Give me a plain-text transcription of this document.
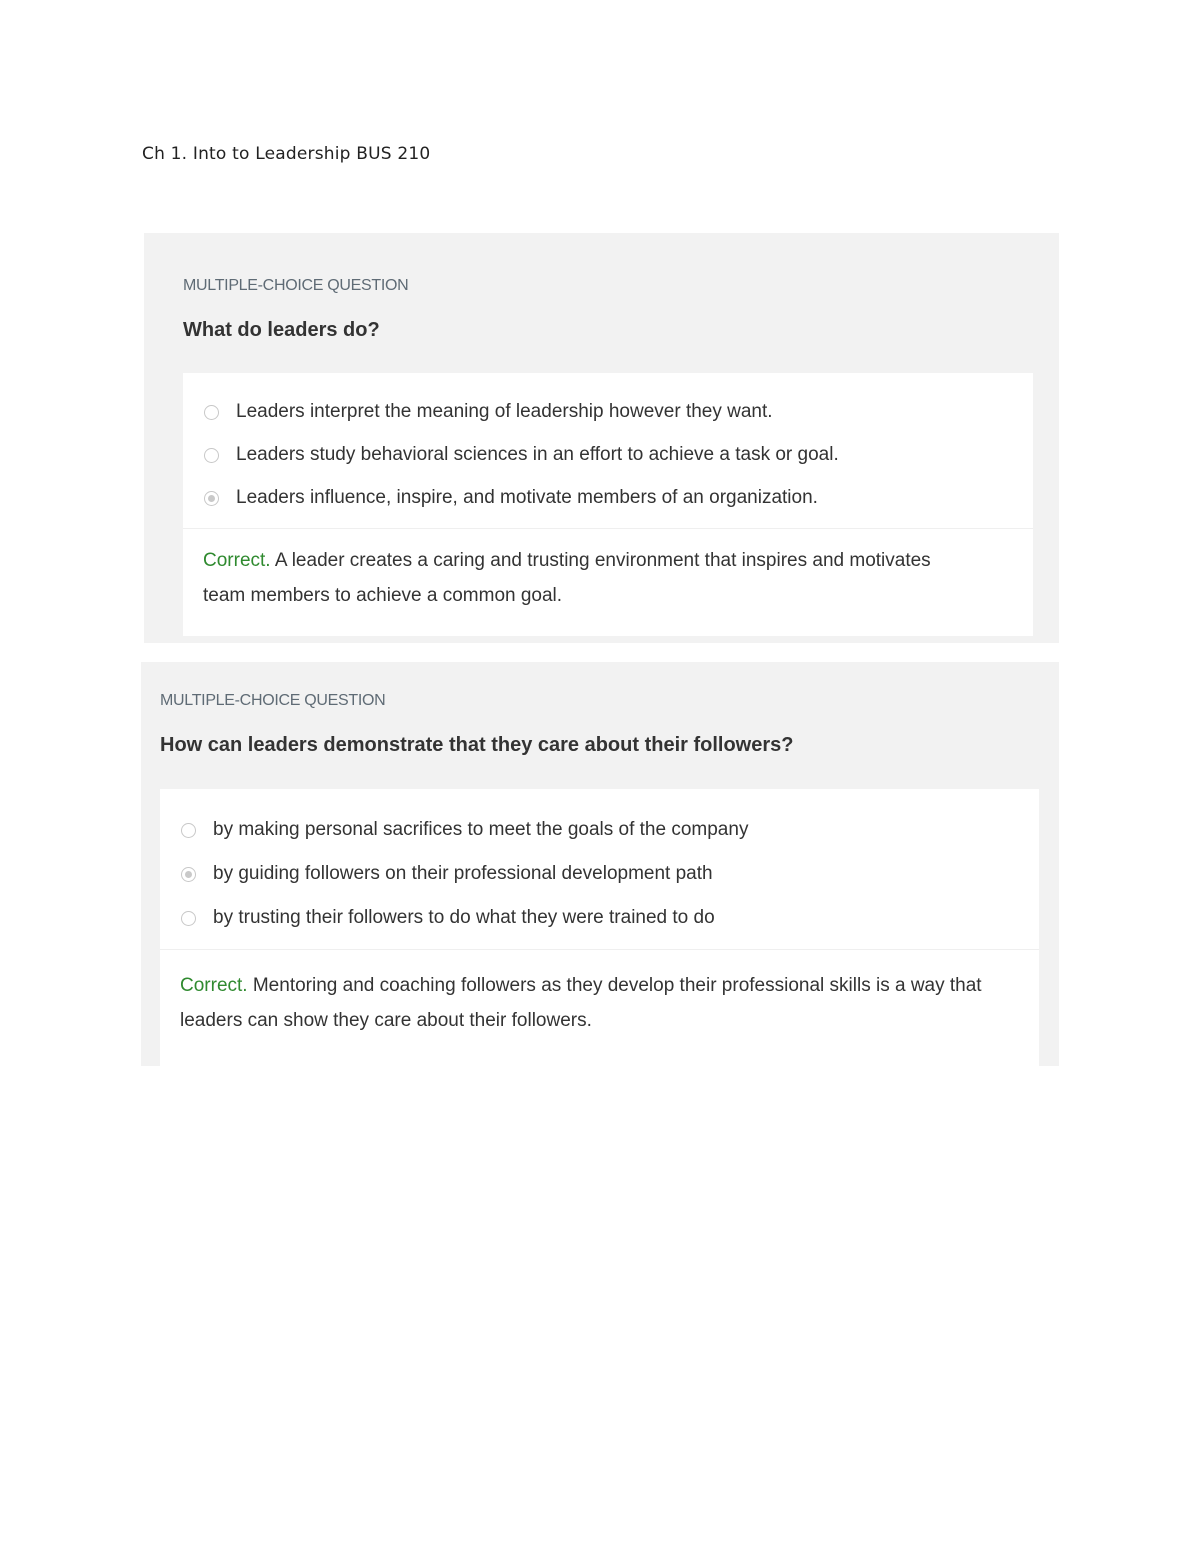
Ch 1. Into to Leadership BUS 210
MULTIPLE-CHOICE QUESTION
What do leaders do?
Leaders interpret the meaning of leadership however they want.
Leaders study behavioral sciences in an effort to achieve a task or goal.
Leaders influence, inspire, and motivate members of an organization.
Correct. A leader creates a caring and trusting environment that inspires and motivates team members to achieve a common goal.
MULTIPLE-CHOICE QUESTION
How can leaders demonstrate that they care about their followers?
by making personal sacrifices to meet the goals of the company
by guiding followers on their professional development path
by trusting their followers to do what they were trained to do
Correct. Mentoring and coaching followers as they develop their professional skills is a way that leaders can show they care about their followers.
